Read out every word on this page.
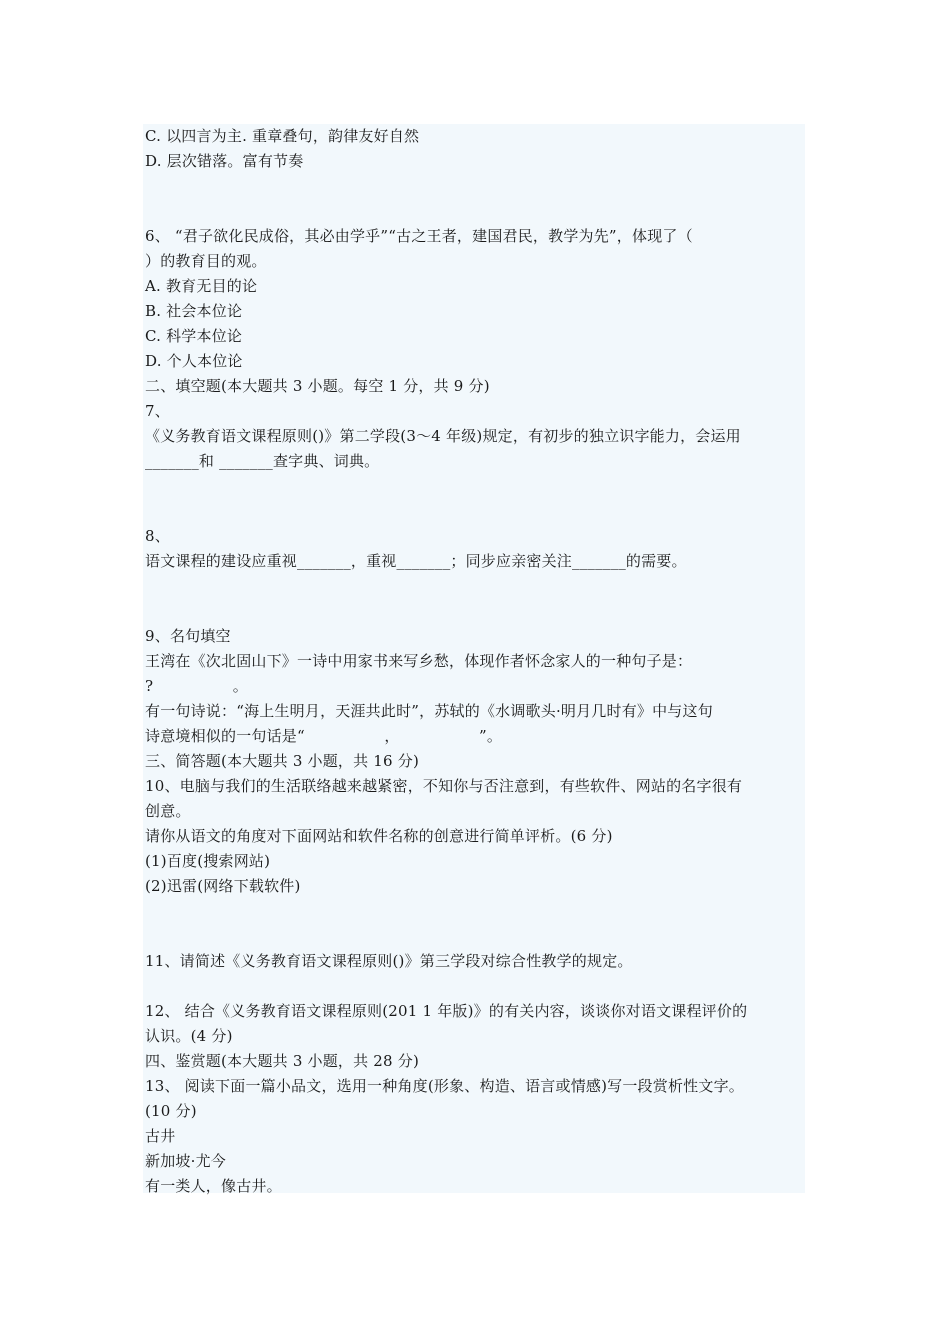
C. 以四言为主. 重章叠句，韵律友好自然
D. 层次错落。富有节奏
6、 “君子欲化民成俗，其必由学乎”“古之王者，建国君民，教学为先”，体现了（
）的教育目的观。
A. 教育无目的论
B. 社会本位论
C. 科学本位论
D. 个人本位论
二、填空题(本大题共 3 小题。每空 1 分，共 9 分)
7、
《义务教育语文课程原则()》第二学段(3～4 年级)规定，有初步的独立识字能力，会运用
_______和 _______查字典、词典。
8、
语文课程的建设应重视_______，重视_______；同步应亲密关注_______的需要。
9、名句填空
王湾在《次北固山下》一诗中用家书来写乡愁，体现作者怀念家人的一种句子是：
?                。
有一句诗说：“海上生明月，天涯共此时”，苏轼的《水调歌头·明月几时有》中与这句
诗意境相似的一句话是“                ，                ”。
三、简答题(本大题共 3 小题，共 16 分)
10、电脑与我们的生活联络越来越紧密，不知你与否注意到，有些软件、网站的名字很有
创意。
请你从语文的角度对下面网站和软件名称的创意进行简单评析。(6 分)
(1)百度(搜索网站)
(2)迅雷(网络下载软件)
11、请简述《义务教育语文课程原则()》第三学段对综合性教学的规定。
12、 结合《义务教育语文课程原则(201 1 年版)》的有关内容，谈谈你对语文课程评价的
认识。(4 分)
四、鉴赏题(本大题共 3 小题，共 28 分)
13、 阅读下面一篇小品文，选用一种角度(形象、构造、语言或情感)写一段赏析性文字。
(10 分)
古井
新加坡·尤今
有一类人，像古井。
